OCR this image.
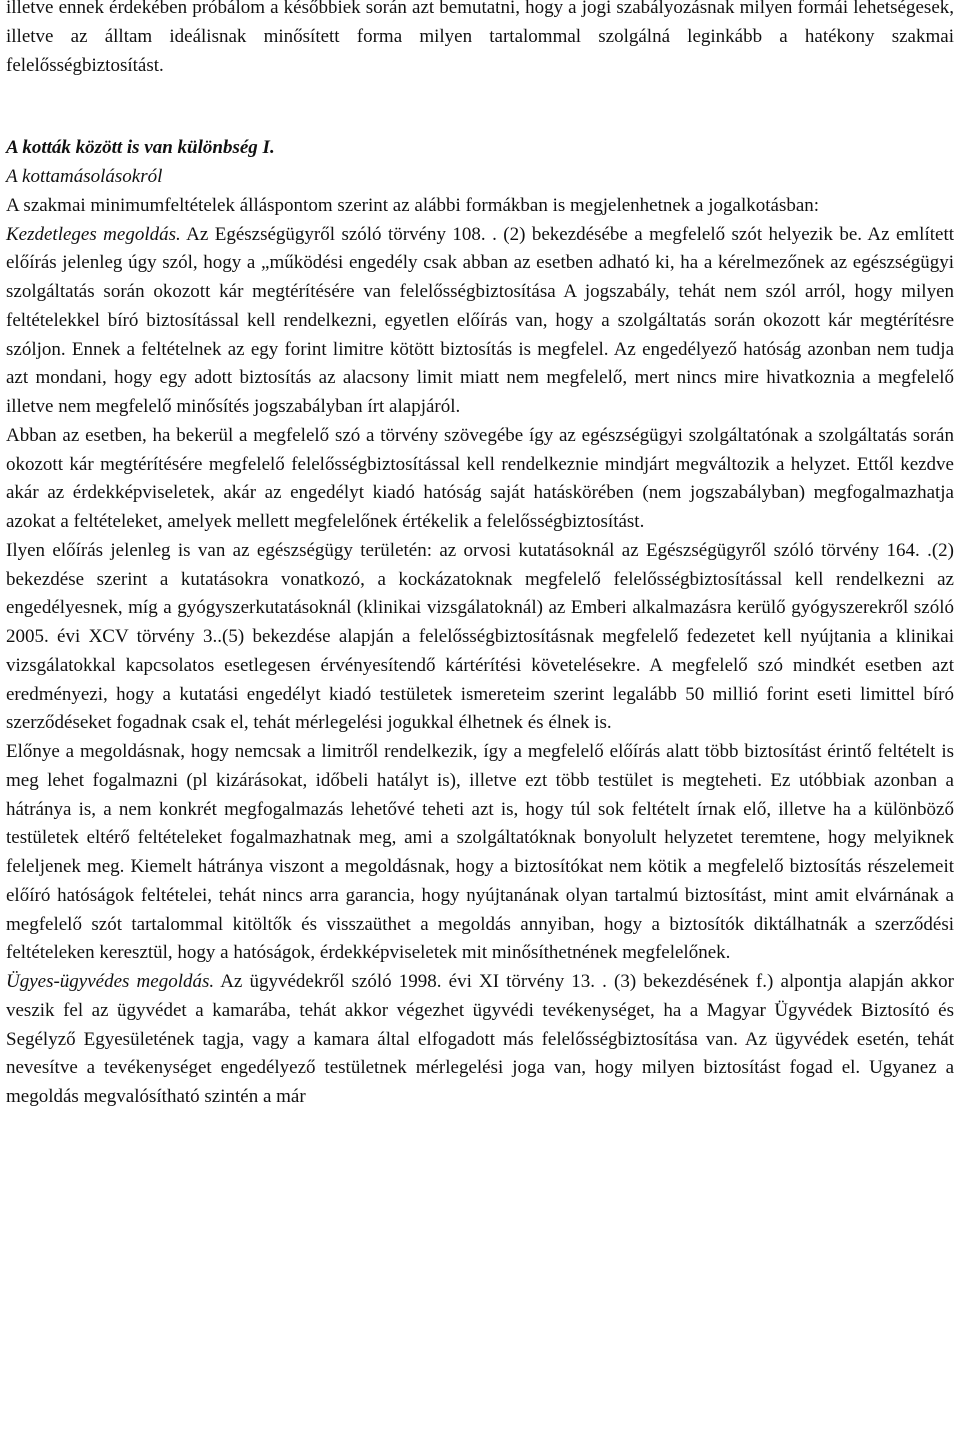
illetve ennek érdekében próbálom a későbbiek során azt bemutatni, hogy a jogi szabályozásnak milyen formái lehetségesek, illetve az álltam ideálisnak minősített forma milyen tartalommal szolgálná leginkább a hatékony szakmai felelősségbiztosítást.

A kották között is van különbség I.

A kottamásolásokról

A szakmai minimumfeltételek álláspontom szerint az alábbi formákban is megjelenhetnek a jogalkotásban:

Kezdetleges megoldás. Az Egészségügyről szóló törvény 108. . (2) bekezdésébe a megfelelő szót helyezik be. Az említett előírás jelenleg úgy szól, hogy a „működési engedély csak abban az esetben adható ki, ha a kérelmezőnek az egészségügyi szolgáltatás során okozott kár megtérítésére van felelősségbiztosítása A jogszabály, tehát nem szól arról, hogy milyen feltételekkel bíró biztosítással kell rendelkezni, egyetlen előírás van, hogy a szolgáltatás során okozott kár megtérítésre szóljon. Ennek a feltételnek az egy forint limitre kötött biztosítás is megfelel. Az engedélyező hatóság azonban nem tudja azt mondani, hogy egy adott biztosítás az alacsony limit miatt nem megfelelő, mert nincs mire hivatkoznia a megfelelő illetve nem megfelelő minősítés jogszabályban írt alapjáról.

Abban az esetben, ha bekerül a megfelelő szó a törvény szövegébe így az egészségügyi szolgáltatónak a szolgáltatás során okozott kár megtérítésére megfelelő felelősségbiztosítással kell rendelkeznie mindjárt megváltozik a helyzet. Ettől kezdve akár az érdekképviseletek, akár az engedélyt kiadó hatóság saját hatáskörében (nem jogszabályban) megfogalmazhatja azokat a feltételeket, amelyek mellett megfelelőnek értékelik a felelősségbiztosítást.

Ilyen előírás jelenleg is van az egészségügy területén: az orvosi kutatásoknál az Egészségügyről szóló törvény 164. .(2) bekezdése szerint a kutatásokra vonatkozó, a kockázatoknak megfelelő felelősségbiztosítással kell rendelkezni az engedélyesnek, míg a gyógyszerkutatásoknál (klinikai vizsgálatoknál) az Emberi alkalmazásra kerülő gyógyszerekről szóló 2005. évi XCV törvény 3..(5) bekezdése alapján a felelősségbiztosításnak megfelelő fedezetet kell nyújtania a klinikai vizsgálatokkal kapcsolatos esetlegesen érvényesítendő kártérítési követelésekre. A megfelelő szó mindkét esetben azt eredményezi, hogy a kutatási engedélyt kiadó testületek ismereteim szerint legalább 50 millió forint eseti limittel bíró szerződéseket fogadnak csak el, tehát mérlegelési jogukkal élhetnek és élnek is.

Előnye a megoldásnak, hogy nemcsak a limitről rendelkezik, így a megfelelő előírás alatt több biztosítást érintő feltételt is meg lehet fogalmazni (pl kizárásokat, időbeli hatályt is), illetve ezt több testület is megteheti. Ez utóbbiak azonban a hátránya is, a nem konkrét megfogalmazás lehetővé teheti azt is, hogy túl sok feltételt írnak elő, illetve ha a különböző testületek eltérő feltételeket fogalmazhatnak meg, ami a szolgáltatóknak bonyolult helyzetet teremtene, hogy melyiknek feleljenek meg. Kiemelt hátránya viszont a megoldásnak, hogy a biztosítókat nem kötik a megfelelő biztosítás részelemeit előíró hatóságok feltételei, tehát nincs arra garancia, hogy nyújtanának olyan tartalmú biztosítást, mint amit elvárnának a megfelelő szót tartalommal kitöltők és visszaüthet a megoldás annyiban, hogy a biztosítók diktálhatnák a szerződési feltételeken keresztül, hogy a hatóságok, érdekképviseletek mit minősíthetnének megfelelőnek.

Ügyes-ügyvédes megoldás. Az ügyvédekről szóló 1998. évi XI törvény 13. . (3) bekezdésének f.) alpontja alapján akkor veszik fel az ügyvédet a kamarába, tehát akkor végezhet ügyvédi tevékenységet, ha a Magyar Ügyvédek Biztosító és Segélyző Egyesületének tagja, vagy a kamara által elfogadott más felelősségbiztosítása van. Az ügyvédek esetén, tehát nevesítve a tevékenységet engedélyező testületnek mérlegelési joga van, hogy milyen biztosítást fogad el. Ugyanez a megoldás megvalósítható szintén a már
